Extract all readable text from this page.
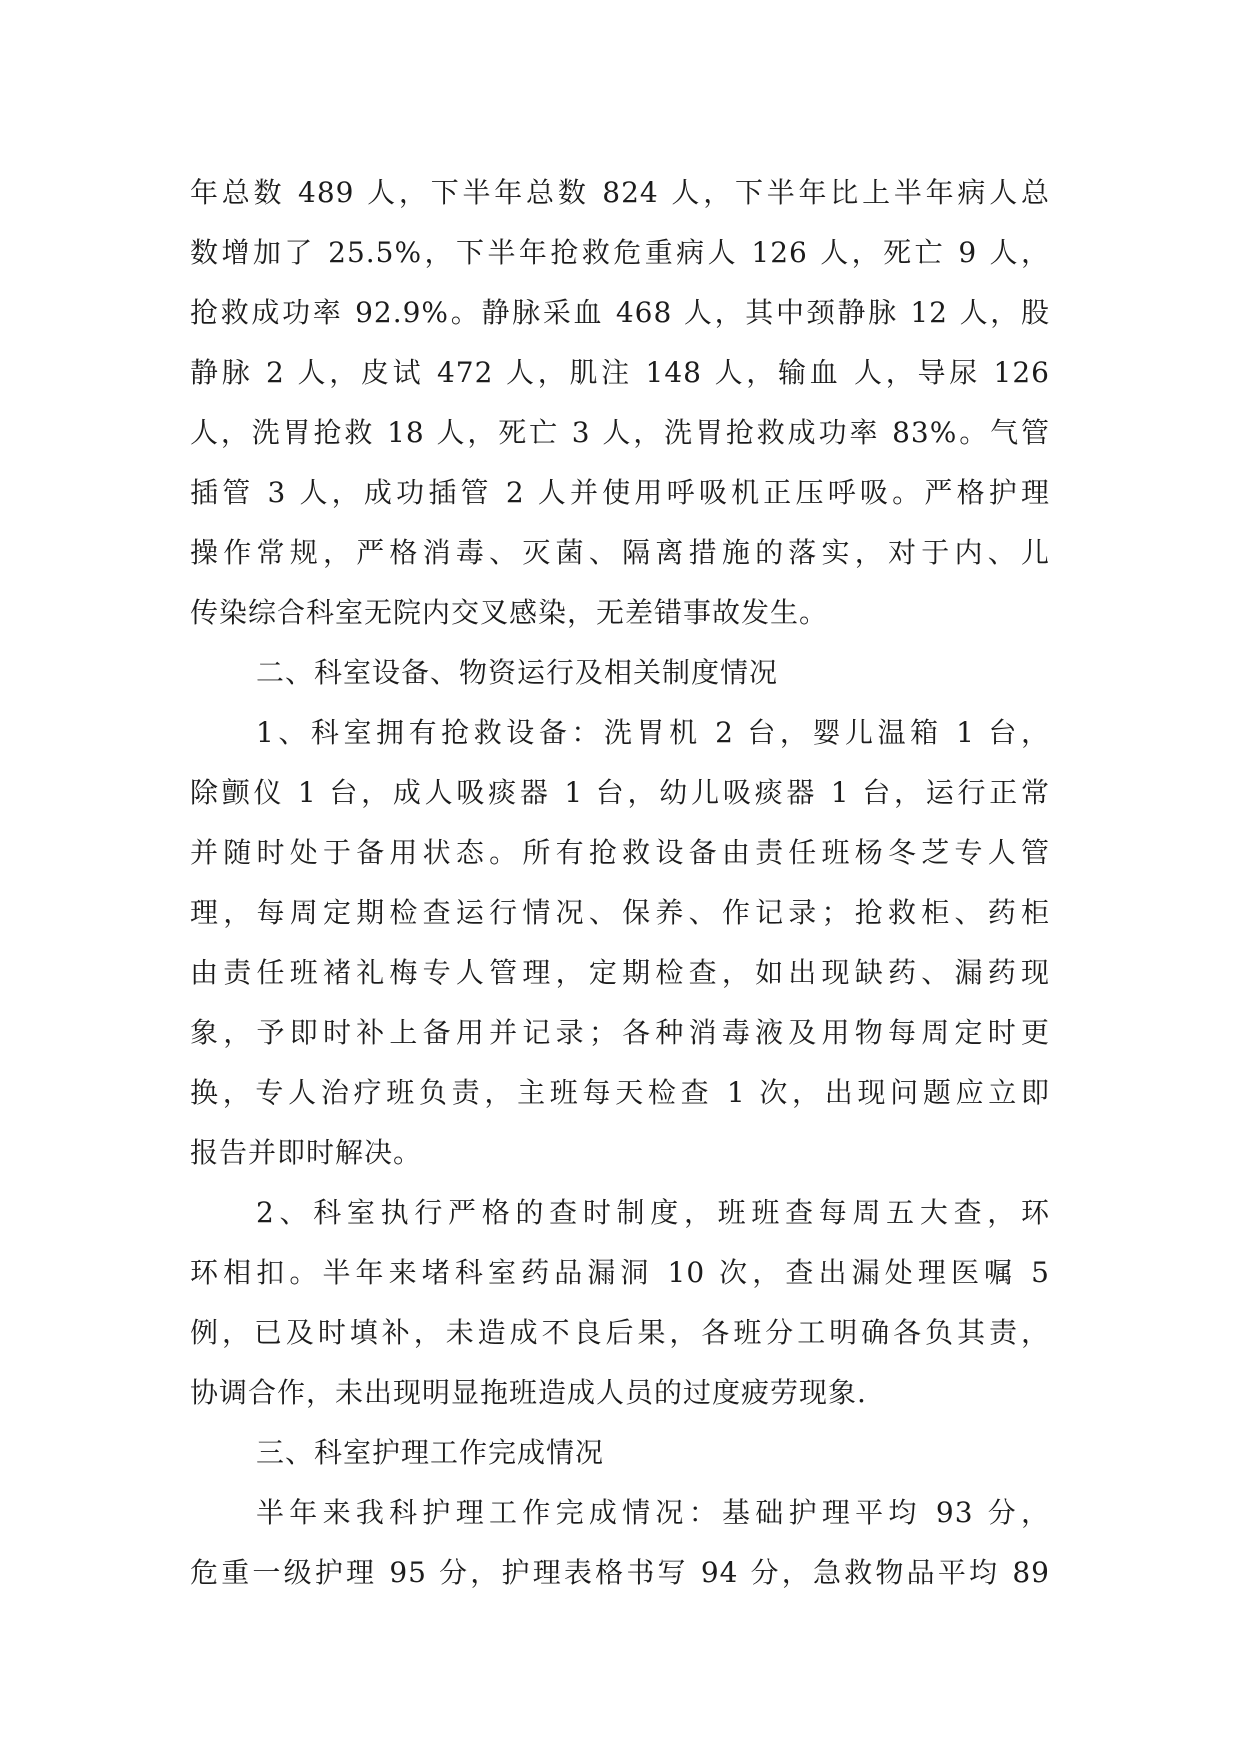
年总数 489 人，下半年总数 824 人，下半年比上半年病人总
数增加了 25.5%，下半年抢救危重病人 126 人，死亡 9 人，
抢救成功率 92.9%。静脉采血 468 人，其中颈静脉 12 人，股
静脉 2 人，皮试 472 人，肌注 148 人，输血 人，导尿 126
人，洗胃抢救 18 人，死亡 3 人，洗胃抢救成功率 83%。气管
插管 3 人，成功插管 2 人并使用呼吸机正压呼吸。严格护理
操作常规，严格消毒、灭菌、隔离措施的落实，对于内、儿
传染综合科室无院内交叉感染，无差错事故发生。
二、科室设备、物资运行及相关制度情况
1、科室拥有抢救设备：洗胃机 2 台，婴儿温箱 1 台，
除颤仪 1 台，成人吸痰器 1 台，幼儿吸痰器 1 台，运行正常
并随时处于备用状态。所有抢救设备由责任班杨冬芝专人管
理，每周定期检查运行情况、保养、作记录；抢救柜、药柜
由责任班褚礼梅专人管理，定期检查，如出现缺药、漏药现
象，予即时补上备用并记录；各种消毒液及用物每周定时更
换，专人治疗班负责，主班每天检查 1 次，出现问题应立即
报告并即时解决。
2、科室执行严格的查时制度，班班查每周五大查，环
环相扣。半年来堵科室药品漏洞 10 次，查出漏处理医嘱 5
例，已及时填补，未造成不良后果，各班分工明确各负其责，
协调合作，未出现明显拖班造成人员的过度疲劳现象.
三、科室护理工作完成情况
半年来我科护理工作完成情况：基础护理平均 93 分，
危重一级护理 95 分，护理表格书写 94 分，急救物品平均 89
